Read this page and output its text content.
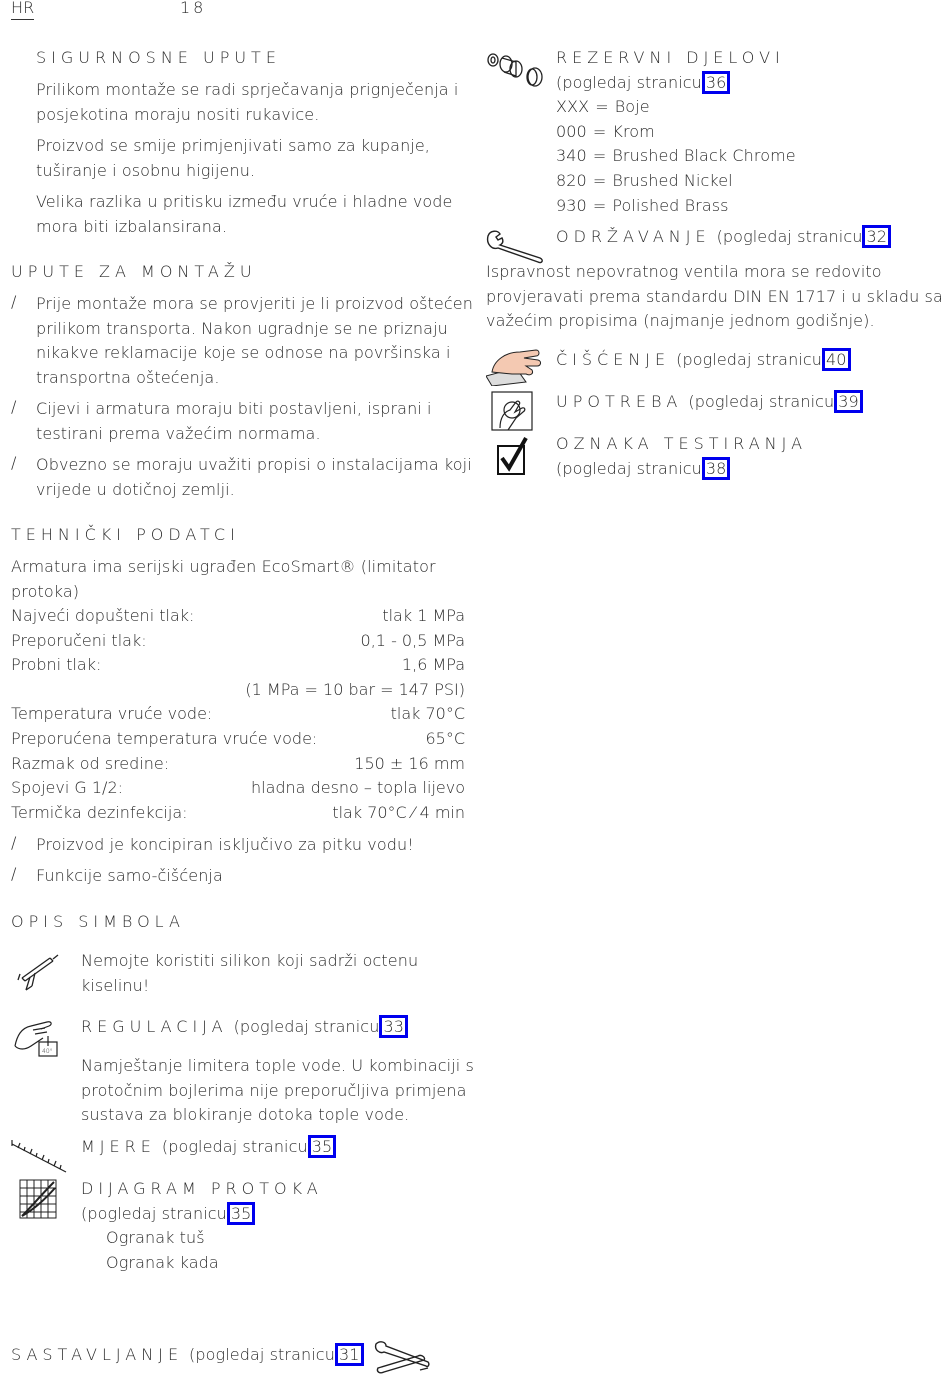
HR	18
SIGURNOSNE UPUTE
Prilikom montaže se radi sprječavanja prignječenja i
posjekotina moraju nositi rukavice.
Proizvod se smije primjenjivati samo za kupanje,
tuširanje i osobnu higijenu.
Velika razlika u pritisku između vruće i hladne vode
mora biti izbalansirana.
UPUTE ZA MONTAŽU
/ Prije montaže mora se provjeriti je li proizvod oštećen
prilikom transporta. Nakon ugradnje se ne priznaju
nikakve reklamacije koje se odnose na površinska i
transportna oštećenja.
/ Cijevi i armatura moraju biti postavljeni, isprani i
testirani prema važećim normama.
/ Obvezno se moraju uvažiti propisi o instalacijama koji
vrijede u dotičnoj zemlji.
TEHNIČKI PODATCI
Armatura ima serijski ugrađen EcoSmart® (limitator
protoka)
Najveći dopušteni tlak:	tlak 1 MPa
Preporučeni tlak:	0,1 - 0,5 MPa
Probni tlak:	1,6 MPa
(1 MPa = 10 bar = 147 PSI)
Temperatura vruće vode:	tlak 70°C
Preporućena temperatura vruće vode:	65°C
Razmak od sredine:	150 ± 16 mm
Spojevi G 1/2:	hladna desno – topla lijevo
Termička dezinfekcija:	tlak 70°C ⁄ 4 min
/ Proizvod je koncipiran isključivo za pitku vodu!
/ Funkcije samo-čišćenja
OPIS SIMBOLA
Nemojte koristiti silikon koji sadrži octenu
kiselinu!
40°
REGULACIJA (pogledaj stranicu 33
Namještanje limitera tople vode. U kombinaciji s
protočnim bojlerima nije preporučljiva primjena
sustava za blokiranje dotoka tople vode.
MJERE (pogledaj stranicu 35
DIJAGRAM PROTOKA
(pogledaj stranicu 35
Ogranak tuš
Ogranak kada
SASTAVLJANJE (pogledaj stranicu 31
REZERVNI DJELOVI
(pogledaj stranicu 36
XXX = Boje
000 = Krom
340 = Brushed Black Chrome
820 = Brushed Nickel
930 = Polished Brass
ODRŽAVANJE (pogledaj stranicu 32
Ispravnost nepovratnog ventila mora se redovito
provjeravati prema standardu DIN EN 1717 i u skladu sa
važećim propisima (najmanje jednom godišnje).
ČIŠĆENJE (pogledaj stranicu 40
UPOTREBA (pogledaj stranicu 39
OZNAKA TESTIRANJA
(pogledaj stranicu 38
